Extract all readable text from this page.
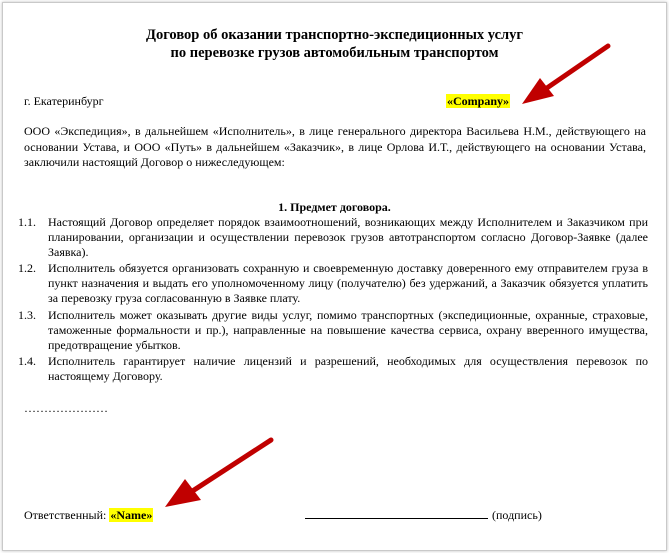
Договор об оказании транспортно-экспедиционных услуг
по перевозке грузов автомобильным транспортом
г. Екатеринбург	«Company»
ООО «Экспедиция», в дальнейшем «Исполнитель», в лице генерального директора Васильева Н.М., действующего на основании Устава, и ООО «Путь» в дальнейшем «Заказчик», в лице Орлова И.Т., действующего на основании Устава, заключили настоящий Договор о нижеследующем:
1. Предмет договора.
1.1.	Настоящий Договор определяет порядок взаимоотношений, возникающих между Исполнителем и Заказчиком при планировании, организации и осуществлении перевозок грузов автотранспортом согласно Договор-Заявке (далее Заявка).
1.2.	Исполнитель обязуется организовать сохранную и своевременную доставку доверенного ему отправителем груза в пункт назначения и выдать его уполномоченному лицу (получателю) без удержаний, а Заказчик обязуется уплатить за перевозку груза согласованную в Заявке плату.
1.3.	Исполнитель может оказывать другие виды услуг, помимо транспортных (экспедиционные, охранные, страховые, таможенные формальности и пр.), направленные на повышение качества сервиса, охрану вверенного имущества, предотвращение убытков.
1.4.	Исполнитель гарантирует наличие лицензий и разрешений, необходимых для осуществления перевозок по настоящему Договору.
…………………
Ответственный: «Name»	(подпись)
